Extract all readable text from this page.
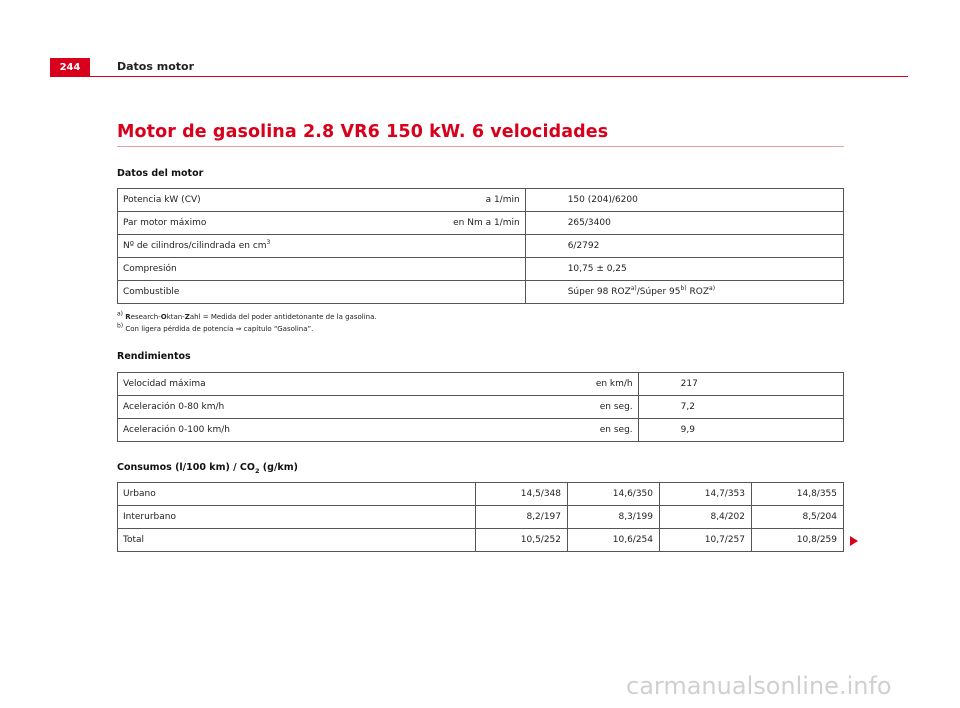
244	Datos motor
Motor de gasolina 2.8 VR6 150 kW. 6 velocidades
Datos del motor
Potencia kW (CV)	a 1/min	150 (204)/6200
Par motor máximo	en Nm a 1/min	265/3400
Nº de cilindros/cilindrada en $cm^3$		6/2792
Compresión		10,75 ± 0,25
Combustible		Súper 98 ROZ$^{a)}$/Súper 95$^{b)}$ ROZ$^{a)}$
$^{a)}$ Research-Oktan-Zahl = Medida del poder antidetonante de la gasolina.
$^{b)}$ Con ligera pérdida de potencia ⇒ capítulo “Gasolina”.
Rendimientos
Velocidad máxima	en km/h	217
Aceleración 0-80 km/h	en seg.	7,2
Aceleración 0-100 km/h	en seg.	9,9
Consumos (l/100 $km) / CO_2$ (g/km)
Urbano	14,5/348	14,6/350	14,7/353	14,8/355
Interurbano	8,2/197	8,3/199	8,4/202	8,5/204
Total	10,5/252	10,6/254	10,7/257	10,8/259
carmanualsonline.info
